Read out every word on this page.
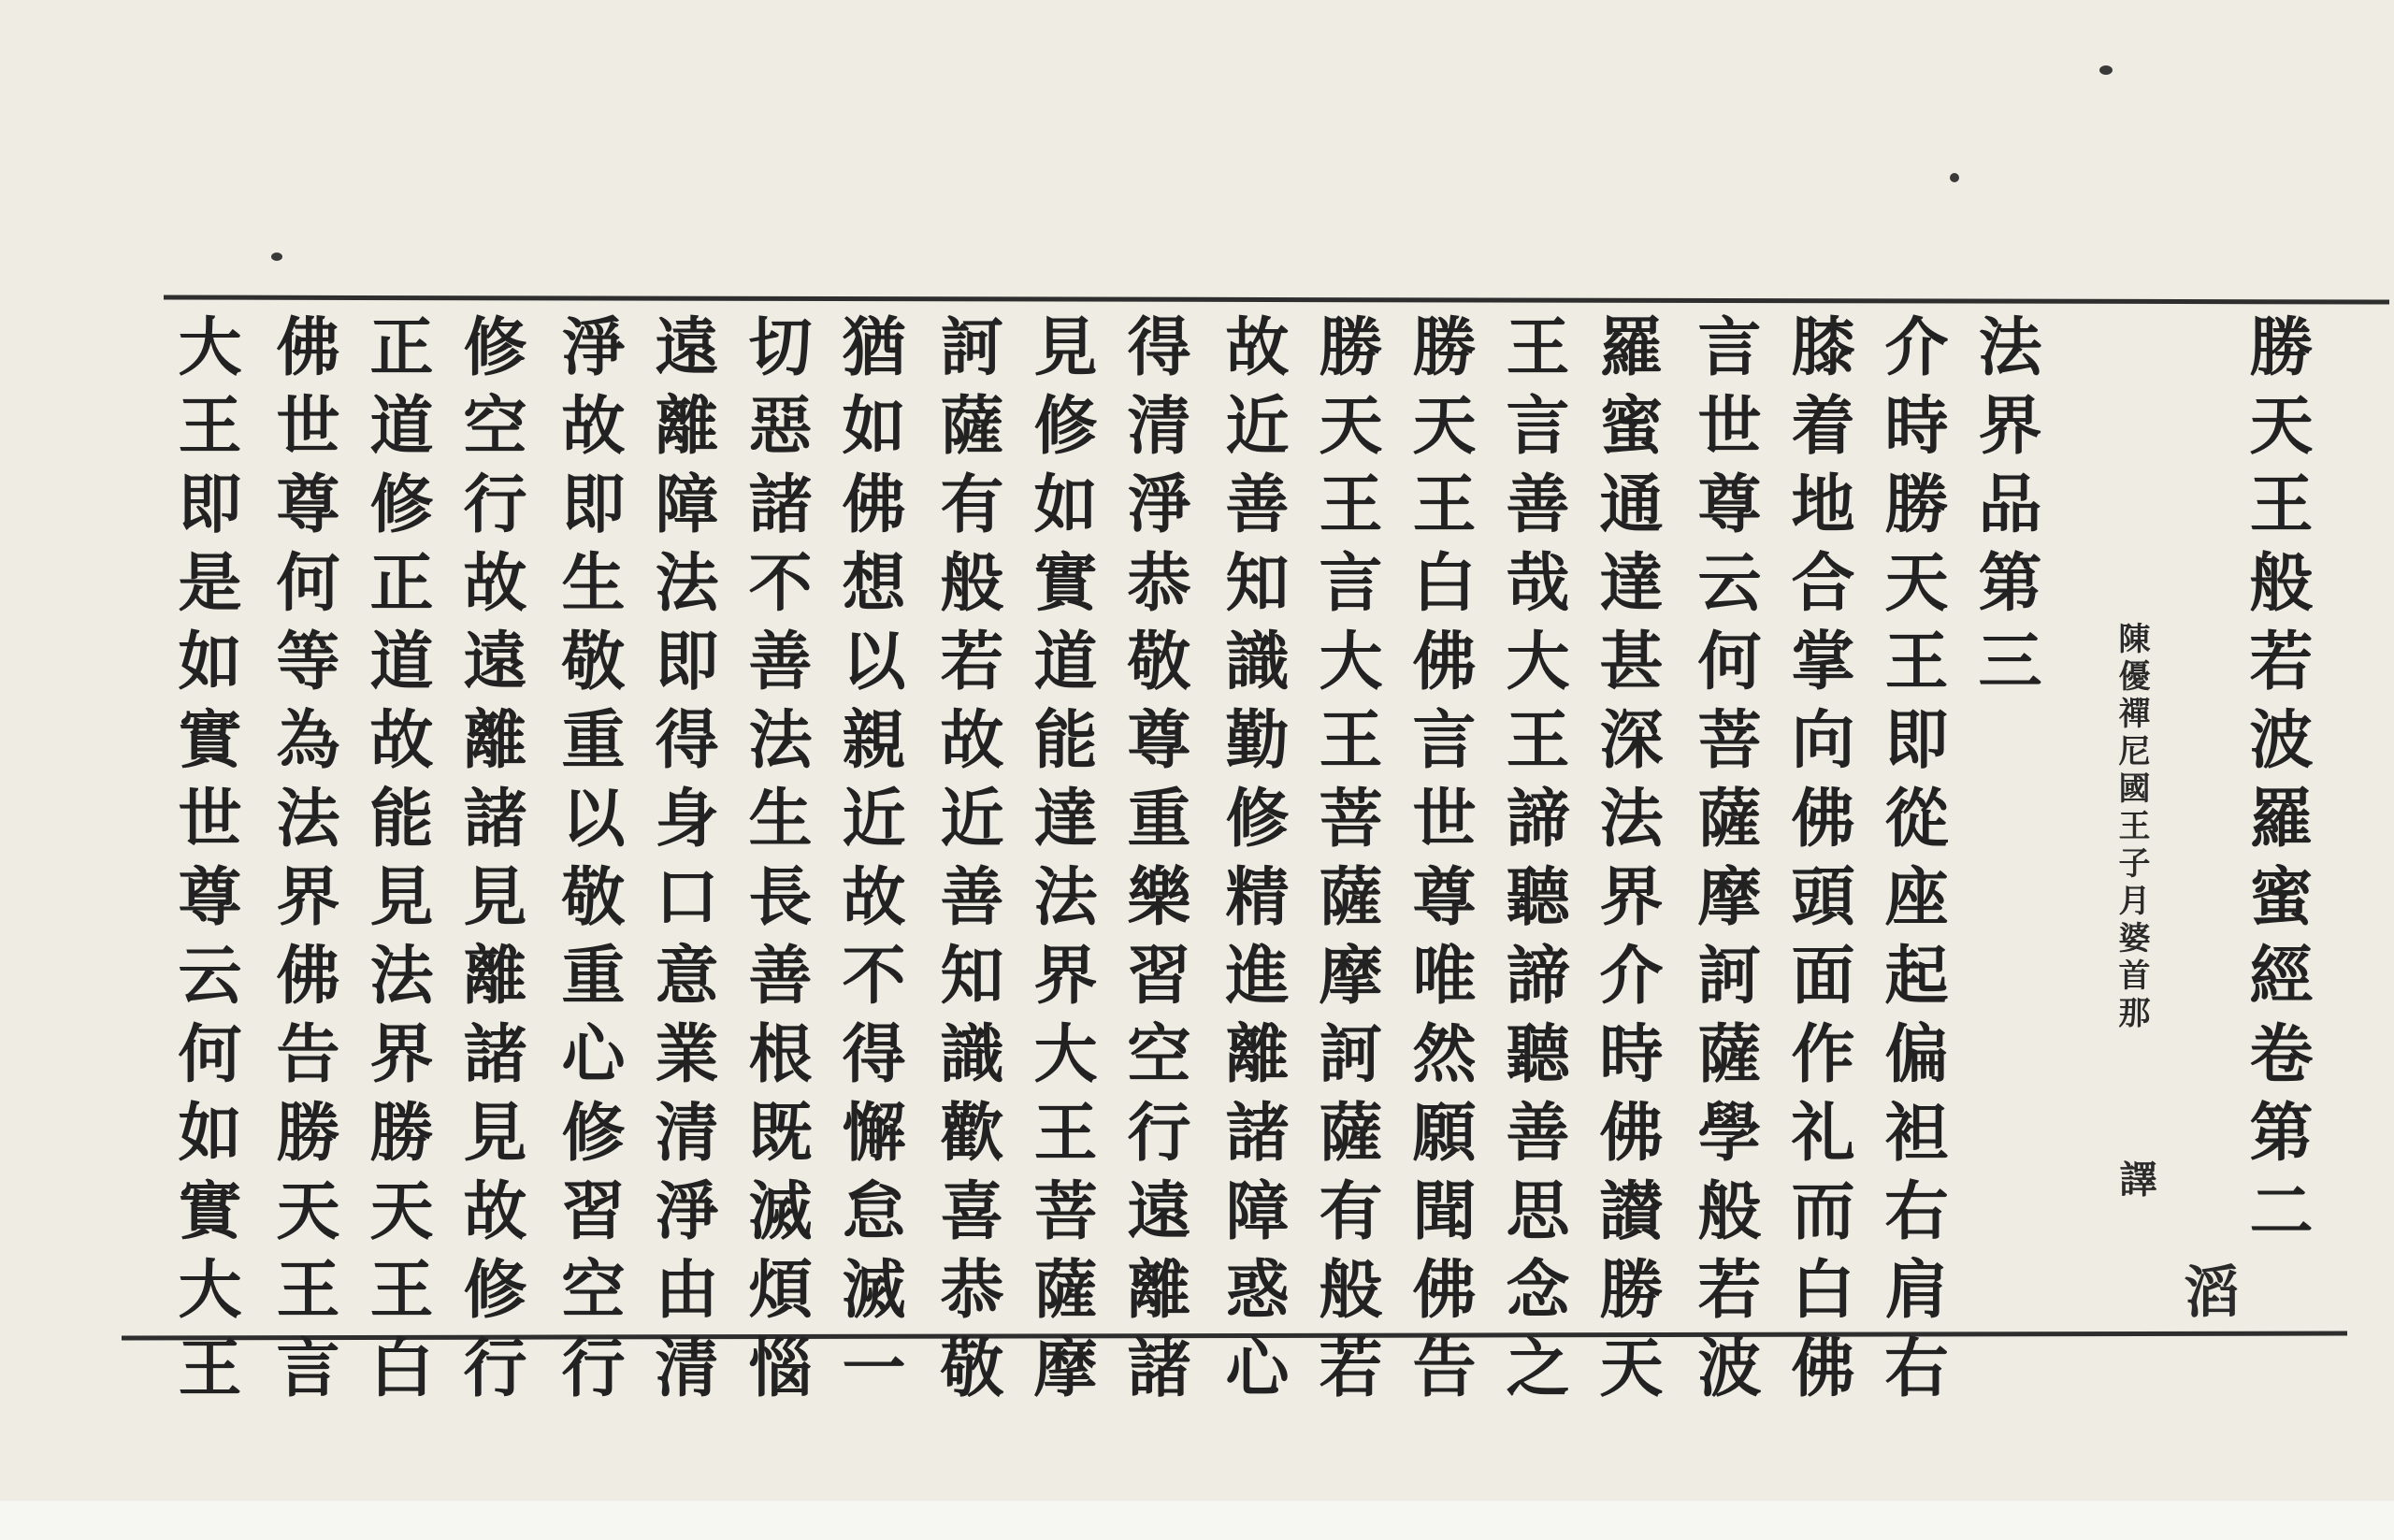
勝天王般若波羅蜜經卷第二
陳優禪尼國王子月婆首那
譯
滔
法界品第三
介時勝天王即從座起偏袒右肩右
膝着地合掌向佛頭面作礼而白佛
言世尊云何菩薩摩訶薩學般若波
羅蜜通達甚深法界介時佛讃勝天
王言善哉大王諦聽諦聽善思念之
勝天王白佛言世尊唯然願聞佛告
勝天王言大王菩薩摩訶薩有般若
故近善知識勤修精進離諸障惑心
得清淨恭敬尊重樂習空行遠離諸
見修如實道能達法界大王菩薩摩
訶薩有般若故近善知識歡喜恭敬
猶如佛想以親近故不得懈怠滅一
切惡諸不善法生長善根既滅煩惱
遠離障法即得身口意業清淨由清
淨故即生敬重以敬重心修習空行
修空行故遠離諸見離諸見故修行
正道修正道故能見法界勝天王白
佛世尊何等為法界佛告勝天王言
大王即是如實世尊云何如實大王
